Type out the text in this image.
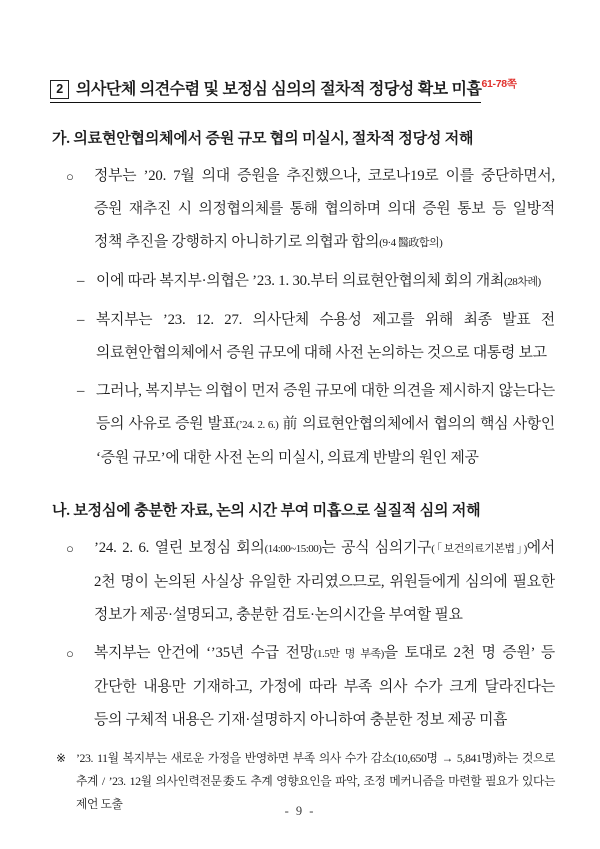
2 의사단체 의견수렴 및 보정심 심의의 절차적 정당성 확보 미흡$^{61-78쪽}$
가. 의료현안협의체에서 증원 규모 협의 미실시, 절차적 정당성 저해

○ 정부는 ’20. 7월 의대 증원을 추진했으나, 코로나19로 이를 중단하면서, 증원 재추진 시 의정협의체를 통해 협의하며 의대 증원 통보 등 일방적 정책 추진을 강행하지 아니하기로 의협과 합의(9·4 醫政합의)

– 이에 따라 복지부·의협은 ’23. 1. 30.부터 의료현안협의체 회의 개최(28차례)

– 복지부는 ’23. 12. 27. 의사단체 수용성 제고를 위해 최종 발표 전 의료현안협의체에서 증원 규모에 대해 사전 논의하는 것으로 대통령 보고

– 그러나, 복지부는 의협이 먼저 증원 규모에 대한 의견을 제시하지 않는다는 등의 사유로 증원 발표(’24. 2. 6.) 前 의료현안협의체에서 협의의 핵심 사항인 ‘증원 규모’에 대한 사전 논의 미실시, 의료계 반발의 원인 제공

나. 보정심에 충분한 자료, 논의 시간 부여 미흡으로 실질적 심의 저해

○ ’24. 2. 6. 열린 보정심 회의(14:00~15:00)는 공식 심의기구(「보건의료기본법」)에서 2천 명이 논의된 사실상 유일한 자리였으므로, 위원들에게 심의에 필요한 정보가 제공·설명되고, 충분한 검토·논의시간을 부여할 필요

○ 복지부는 안건에 ‘’35년 수급 전망(1.5만 명 부족)을 토대로 2천 명 증원’ 등 간단한 내용만 기재하고, 가정에 따라 부족 의사 수가 크게 달라진다는 등의 구체적 내용은 기재·설명하지 아니하여 충분한 정보 제공 미흡

※ ’23. 11월 복지부는 새로운 가정을 반영하면 부족 의사 수가 감소(10,650명 → 5,841명)하는 것으로 추계 / ’23. 12월 의사인력전문委도 추계 영향요인을 파악, 조정 메커니즘을 마련할 필요가 있다는 제언 도출	- 9 -
